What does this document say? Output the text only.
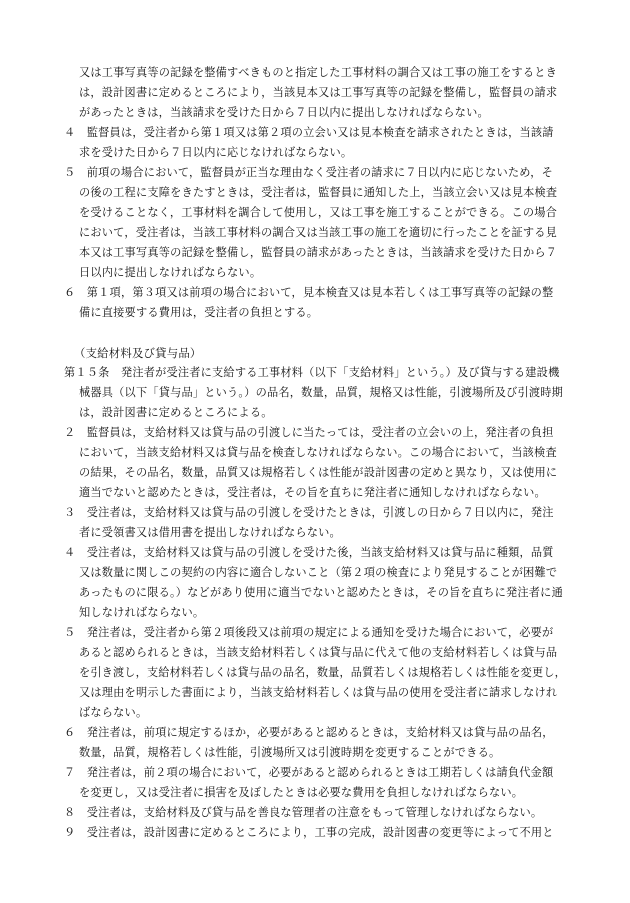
又は工事写真等の記録を整備すべきものと指定した工事材料の調合又は工事の施工をするとき
は，設計図書に定めるところにより，当該見本又は工事写真等の記録を整備し，監督員の請求
があったときは，当該請求を受けた日から７日以内に提出しなければならない。
４　監督員は，受注者から第１項又は第２項の立会い又は見本検査を請求されたときは，当該請
求を受けた日から７日以内に応じなければならない。
５　前項の場合において，監督員が正当な理由なく受注者の請求に７日以内に応じないため，そ
の後の工程に支障をきたすときは，受注者は，監督員に通知した上，当該立会い又は見本検査
を受けることなく，工事材料を調合して使用し，又は工事を施工することができる。この場合
において，受注者は，当該工事材料の調合又は当該工事の施工を適切に行ったことを証する見
本又は工事写真等の記録を整備し，監督員の請求があったときは，当該請求を受けた日から７
日以内に提出しなければならない。
６　第１項，第３項又は前項の場合において，見本検査又は見本若しくは工事写真等の記録の整
備に直接要する費用は，受注者の負担とする。
（支給材料及び貸与品）
第１５条　発注者が受注者に支給する工事材料（以下「支給材料」という。）及び貸与する建設機
械器具（以下「貸与品」という。）の品名，数量，品質，規格又は性能，引渡場所及び引渡時期
は，設計図書に定めるところによる。
２　監督員は，支給材料又は貸与品の引渡しに当たっては，受注者の立会いの上，発注者の負担
において，当該支給材料又は貸与品を検査しなければならない。この場合において，当該検査
の結果，その品名，数量，品質又は規格若しくは性能が設計図書の定めと異なり，又は使用に
適当でないと認めたときは，受注者は，その旨を直ちに発注者に通知しなければならない。
３　受注者は，支給材料又は貸与品の引渡しを受けたときは，引渡しの日から７日以内に，発注
者に受領書又は借用書を提出しなければならない。
４　受注者は，支給材料又は貸与品の引渡しを受けた後，当該支給材料又は貸与品に種類，品質
又は数量に関しこの契約の内容に適合しないこと（第２項の検査により発見することが困難で
あったものに限る。）などがあり使用に適当でないと認めたときは，その旨を直ちに発注者に通
知しなければならない。
５　発注者は，受注者から第２項後段又は前項の規定による通知を受けた場合において，必要が
あると認められるときは，当該支給材料若しくは貸与品に代えて他の支給材料若しくは貸与品
を引き渡し，支給材料若しくは貸与品の品名，数量，品質若しくは規格若しくは性能を変更し，
又は理由を明示した書面により，当該支給材料若しくは貸与品の使用を受注者に請求しなけれ
ばならない。
６　発注者は，前項に規定するほか，必要があると認めるときは，支給材料又は貸与品の品名，
数量，品質，規格若しくは性能，引渡場所又は引渡時期を変更することができる。
７　発注者は，前２項の場合において，必要があると認められるときは工期若しくは請負代金額
を変更し，又は受注者に損害を及ぼしたときは必要な費用を負担しなければならない。
８　受注者は，支給材料及び貸与品を善良な管理者の注意をもって管理しなければならない。
９　受注者は，設計図書に定めるところにより，工事の完成，設計図書の変更等によって不用と
